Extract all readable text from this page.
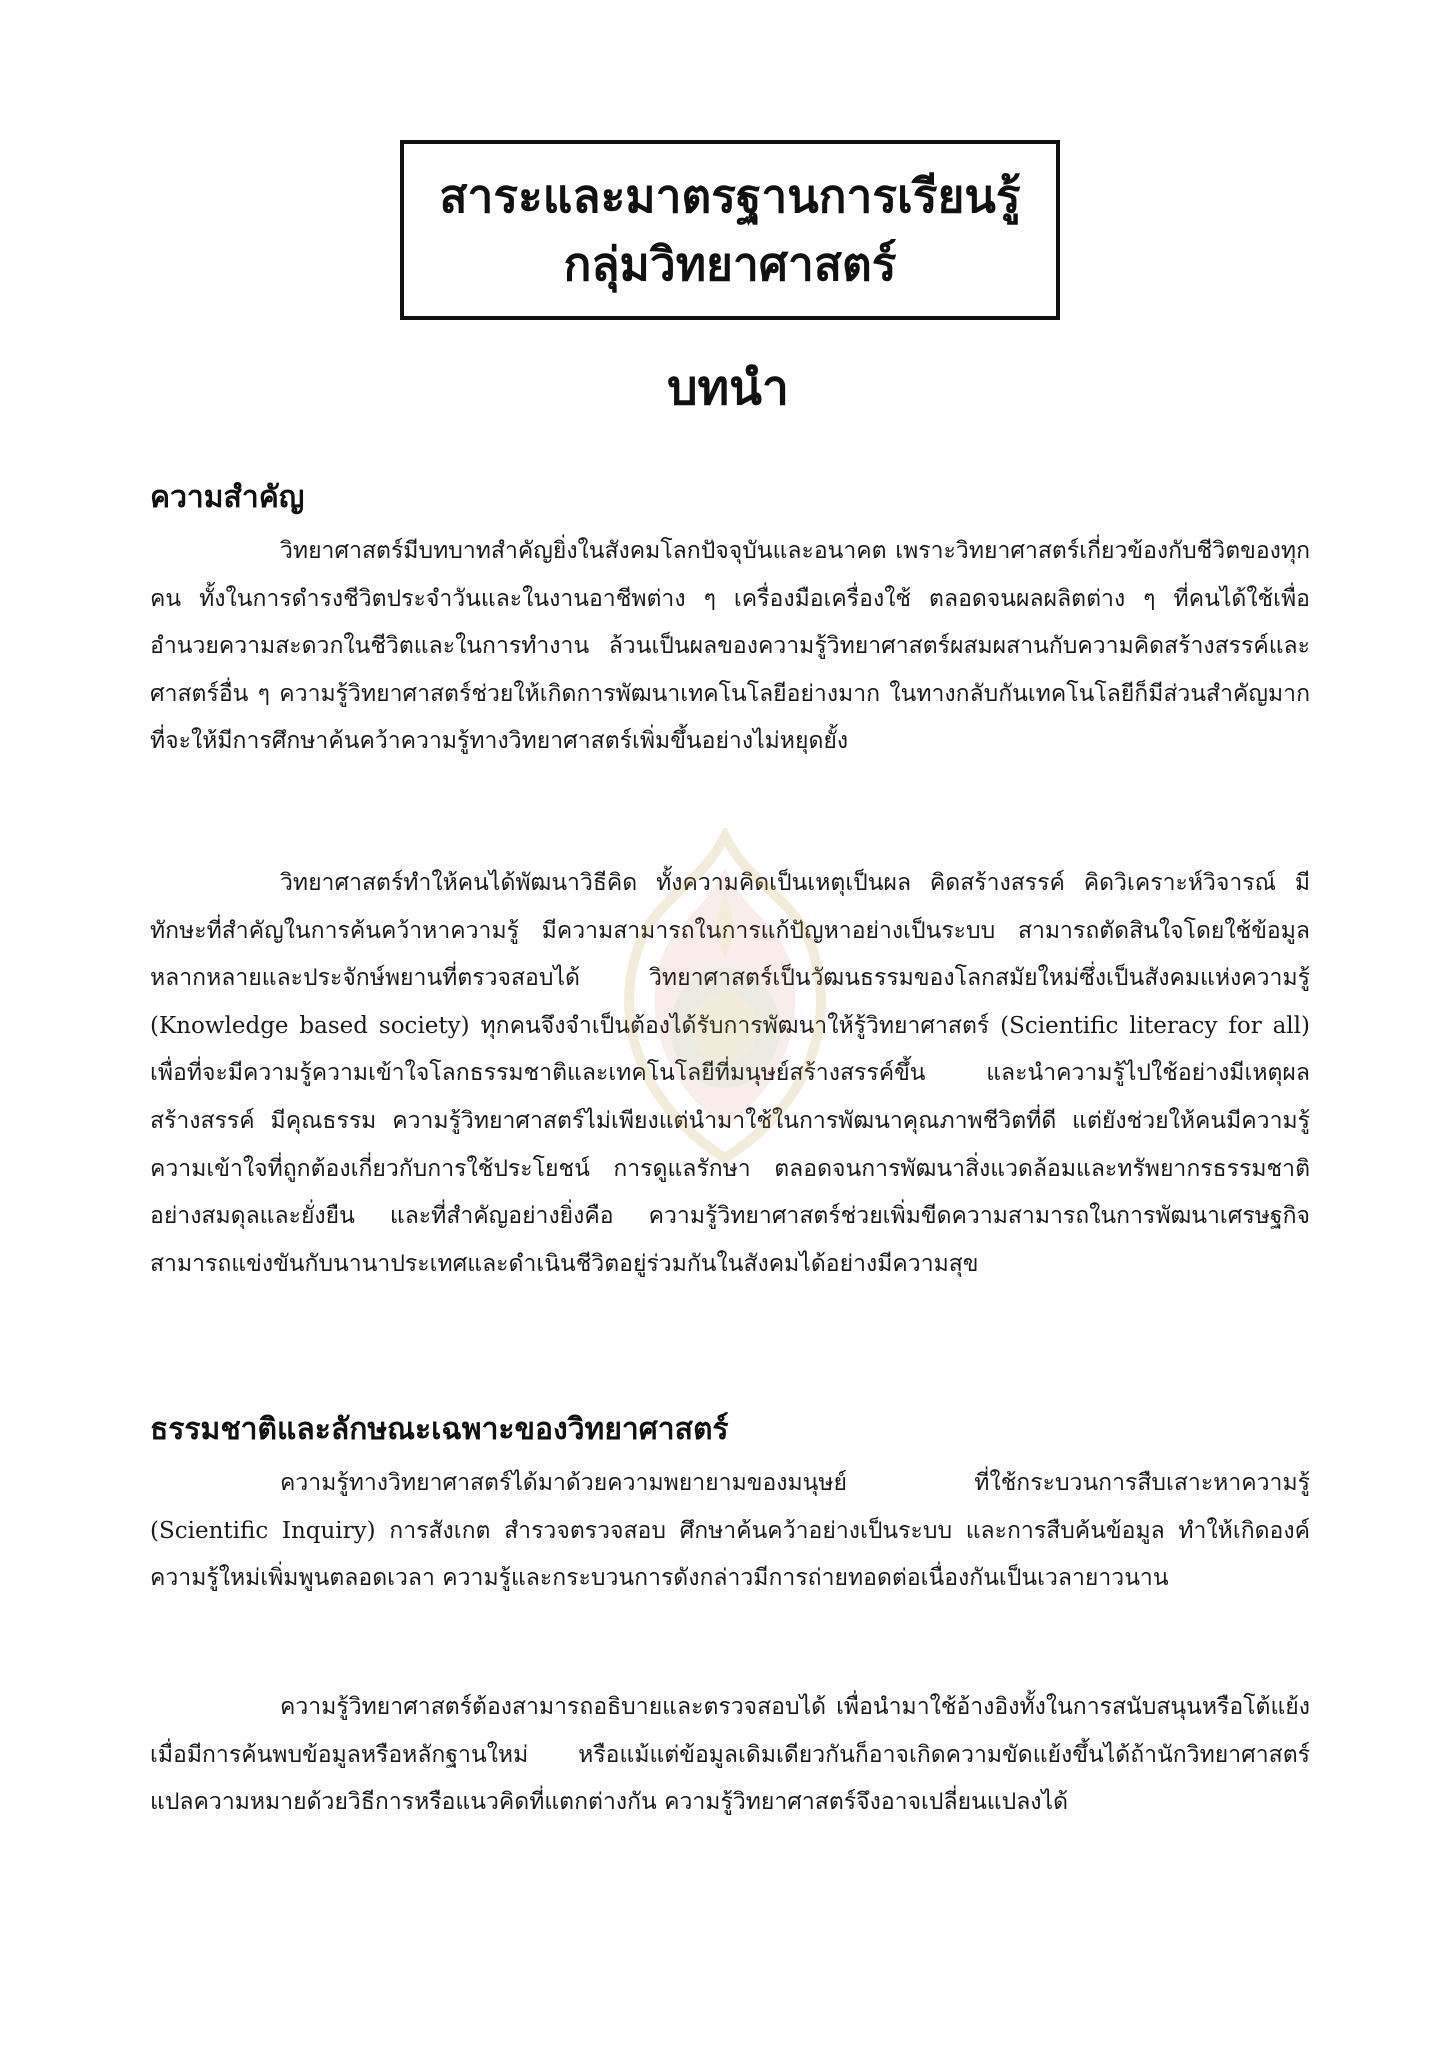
สาระและมาตรฐานการเรียนรู้
กลุ่มวิทยาศาสตร์
บทนำ
ความสำคัญ

วิทยาศาสตร์มีบทบาทสำคัญยิ่งในสังคมโลกปัจจุบันและอนาคต เพราะวิทยาศาสตร์เกี่ยวข้องกับชีวิตของทุกคน ทั้งในการดำรงชีวิตประจำวันและในงานอาชีพต่าง ๆ เครื่องมือเครื่องใช้ ตลอดจนผลผลิตต่าง ๆ ที่คนได้ใช้เพื่ออำนวยความสะดวกในชีวิตและในการทำงาน ล้วนเป็นผลของความรู้วิทยาศาสตร์ผสมผสานกับความคิดสร้างสรรค์และศาสตร์อื่น ๆ ความรู้วิทยาศาสตร์ช่วยให้เกิดการพัฒนาเทคโนโลยีอย่างมาก ในทางกลับกันเทคโนโลยีก็มีส่วนสำคัญมากที่จะให้มีการศึกษาค้นคว้าความรู้ทางวิทยาศาสตร์เพิ่มขึ้นอย่างไม่หยุดยั้ง

วิทยาศาสตร์ทำให้คนได้พัฒนาวิธีคิด ทั้งความคิดเป็นเหตุเป็นผล คิดสร้างสรรค์ คิดวิเคราะห์วิจารณ์ มีทักษะที่สำคัญในการค้นคว้าหาความรู้ มีความสามารถในการแก้ปัญหาอย่างเป็นระบบ สามารถตัดสินใจโดยใช้ข้อมูลหลากหลายและประจักษ์พยานที่ตรวจสอบได้ วิทยาศาสตร์เป็นวัฒนธรรมของโลกสมัยใหม่ซึ่งเป็นสังคมแห่งความรู้ (Knowledge based society) ทุกคนจึงจำเป็นต้องได้รับการพัฒนาให้รู้วิทยาศาสตร์ (Scientific literacy for all) เพื่อที่จะมีความรู้ความเข้าใจโลกธรรมชาติและเทคโนโลยีที่มนุษย์สร้างสรรค์ขึ้น และนำความรู้ไปใช้อย่างมีเหตุผล สร้างสรรค์ มีคุณธรรม ความรู้วิทยาศาสตร์ไม่เพียงแต่นำมาใช้ในการพัฒนาคุณภาพชีวิตที่ดี แต่ยังช่วยให้คนมีความรู้ความเข้าใจที่ถูกต้องเกี่ยวกับการใช้ประโยชน์ การดูแลรักษา ตลอดจนการพัฒนาสิ่งแวดล้อมและทรัพยากรธรรมชาติอย่างสมดุลและยั่งยืน และที่สำคัญอย่างยิ่งคือ ความรู้วิทยาศาสตร์ช่วยเพิ่มขีดความสามารถในการพัฒนาเศรษฐกิจ สามารถแข่งขันกับนานาประเทศและดำเนินชีวิตอยู่ร่วมกันในสังคมได้อย่างมีความสุข

ธรรมชาติและลักษณะเฉพาะของวิทยาศาสตร์

ความรู้ทางวิทยาศาสตร์ได้มาด้วยความพยายามของมนุษย์ ที่ใช้กระบวนการสืบเสาะหาความรู้ (Scientific Inquiry) การสังเกต สำรวจตรวจสอบ ศึกษาค้นคว้าอย่างเป็นระบบ และการสืบค้นข้อมูล ทำให้เกิดองค์ความรู้ใหม่เพิ่มพูนตลอดเวลา ความรู้และกระบวนการดังกล่าวมีการถ่ายทอดต่อเนื่องกันเป็นเวลายาวนาน

ความรู้วิทยาศาสตร์ต้องสามารถอธิบายและตรวจสอบได้ เพื่อนำมาใช้อ้างอิงทั้งในการสนับสนุนหรือโต้แย้งเมื่อมีการค้นพบข้อมูลหรือหลักฐานใหม่ หรือแม้แต่ข้อมูลเดิมเดียวกันก็อาจเกิดความขัดแย้งขึ้นได้ถ้านักวิทยาศาสตร์แปลความหมายด้วยวิธีการหรือแนวคิดที่แตกต่างกัน ความรู้วิทยาศาสตร์จึงอาจเปลี่ยนแปลงได้
